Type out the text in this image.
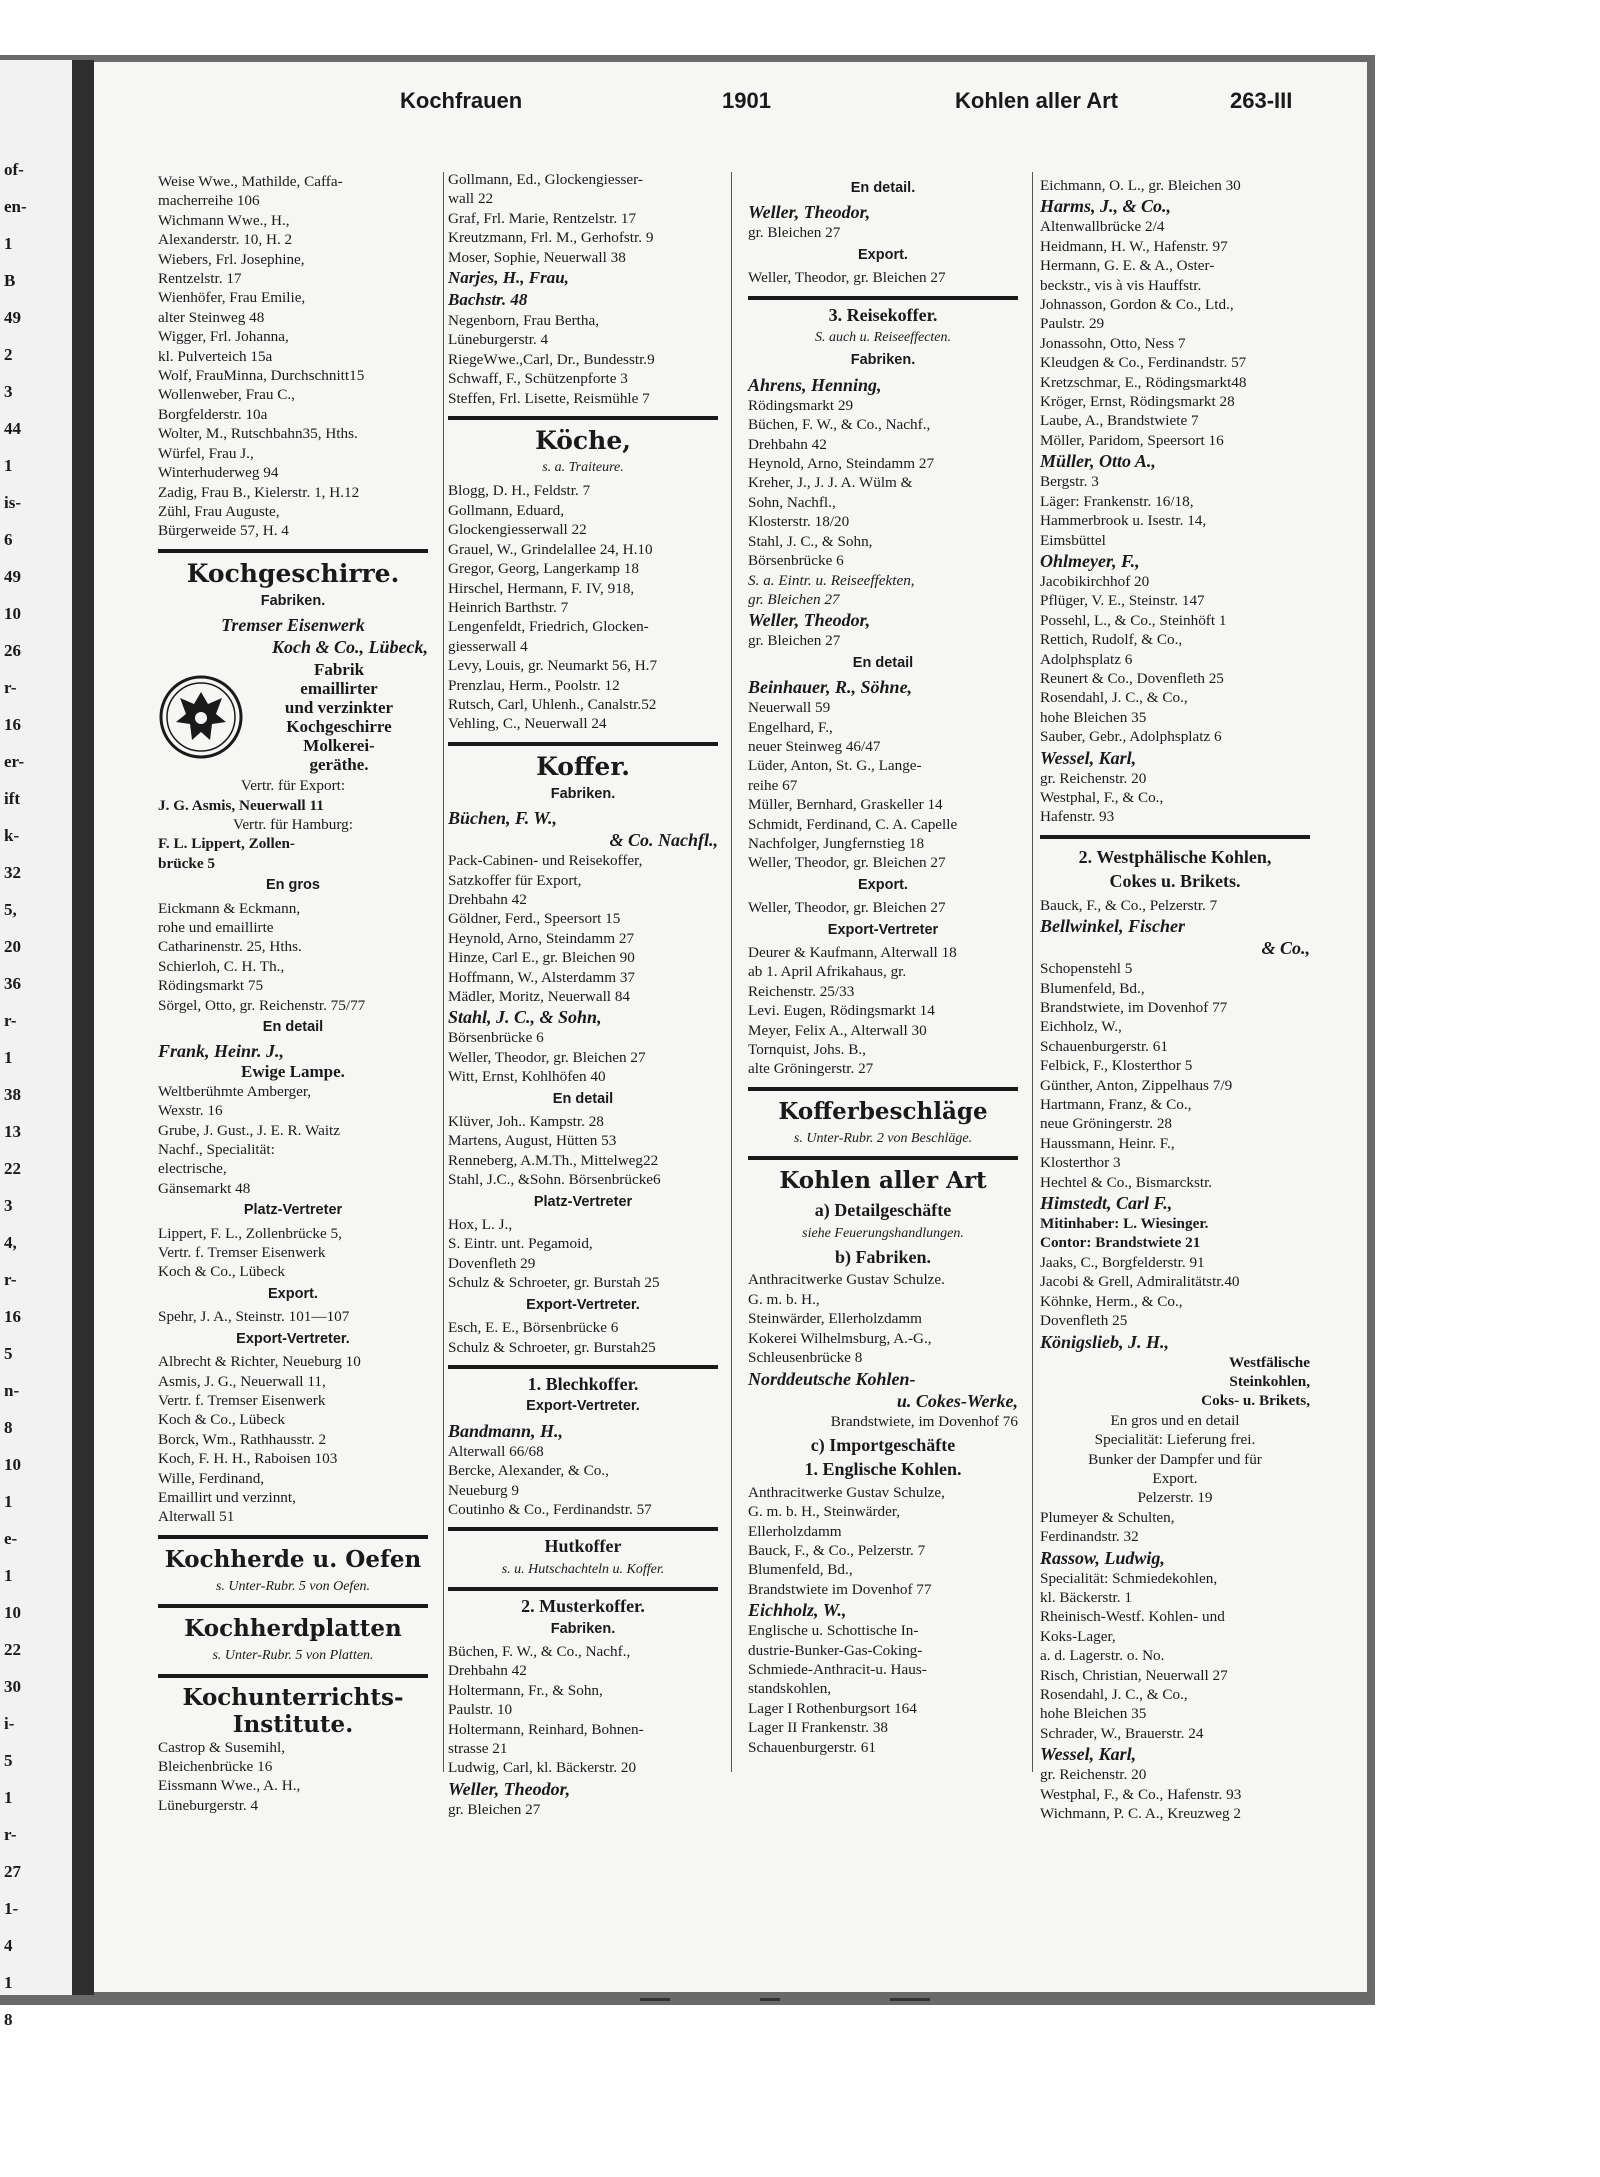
of-
en-
1
B
49
2
3
44
1
is-
6
49
10
26
r-
16
er-
ift
k-
32
5,
20
36
r-
1
38
13
22
3
4,
r-
16
5
n-
8
10
1
e-
1
10
22
30
i-
5
1
r-
27
1-
4
1
8
Kochfrauen	1901	Kohlen aller Art	263-III
Weise Wwe., Mathilde, Caffa-
macherreihe 106
Wichmann Wwe., H.,
Alexanderstr. 10, H. 2
Wiebers, Frl. Josephine,
Rentzelstr. 17
Wienhöfer, Frau Emilie,
alter Steinweg 48
Wigger, Frl. Johanna,
kl. Pulverteich 15a
Wolf, FrauMinna, Durchschnitt15
Wollenweber, Frau C.,
Borgfelderstr. 10a
Wolter, M., Rutschbahn35, Hths.
Würfel, Frau J.,
Winterhuderweg 94
Zadig, Frau B., Kielerstr. 1, H.12
Zühl, Frau Auguste,
Bürgerweide 57, H. 4
Kochgeschirre.
Fabriken.
Tremser Eisenwerk
Koch & Co., Lübeck,
Fabrik
emaillirter
und verzinkter
Kochgeschirre
Molkerei-
geräthe.
Vertr. für Export:
J. G. Asmis, Neuerwall 11
Vertr. für Hamburg:
F. L. Lippert, Zollen-
brücke 5
En gros
Eickmann & Eckmann,
rohe und emaillirte
Catharinenstr. 25, Hths.
Schierloh, C. H. Th.,
Rödingsmarkt 75
Sörgel, Otto, gr. Reichenstr. 75/77
En detail
Frank, Heinr. J.,
Ewige Lampe.
Weltberühmte Amberger,
Wexstr. 16
Grube, J. Gust., J. E. R. Waitz
Nachf., Specialität:
electrische,
Gänsemarkt 48
Platz-Vertreter
Lippert, F. L., Zollenbrücke 5,
Vertr. f. Tremser Eisenwerk
Koch & Co., Lübeck
Export.
Spehr, J. A., Steinstr. 101—107
Export-Vertreter.
Albrecht & Richter, Neueburg 10
Asmis, J. G., Neuerwall 11,
Vertr. f. Tremser Eisenwerk
Koch & Co., Lübeck
Borck, Wm., Rathhausstr. 2
Koch, F. H. H., Raboisen 103
Wille, Ferdinand,
Emaillirt und verzinnt,
Alterwall 51
Kochherde u. Oefen
s. Unter-Rubr. 5 von Oefen.
Kochherdplatten
s. Unter-Rubr. 5 von Platten.
Kochunterrichts-
Institute.
Castrop & Susemihl,
Bleichenbrücke 16
Eissmann Wwe., A. H.,
Lüneburgerstr. 4
Gollmann, Ed., Glockengiesser-
wall 22
Graf, Frl. Marie, Rentzelstr. 17
Kreutzmann, Frl. M., Gerhofstr. 9
Moser, Sophie, Neuerwall 38
Narjes, H., Frau,
Bachstr. 48
Negenborn, Frau Bertha,
Lüneburgerstr. 4
RiegeWwe.,Carl, Dr., Bundesstr.9
Schwaff, F., Schützenpforte 3
Steffen, Frl. Lisette, Reismühle 7
Köche,
s. a. Traiteure.
Blogg, D. H., Feldstr. 7
Gollmann, Eduard,
Glockengiesserwall 22
Grauel, W., Grindelallee 24, H.10
Gregor, Georg, Langerkamp 18
Hirschel, Hermann, F. IV, 918,
Heinrich Barthstr. 7
Lengenfeldt, Friedrich, Glocken-
giesserwall 4
Levy, Louis, gr. Neumarkt 56, H.7
Prenzlau, Herm., Poolstr. 12
Rutsch, Carl, Uhlenh., Canalstr.52
Vehling, C., Neuerwall 24
Koffer.
Fabriken.
Büchen, F. W.,
& Co. Nachfl.,
Pack-Cabinen- und Reisekoffer,
Satzkoffer für Export,
Drehbahn 42
Göldner, Ferd., Speersort 15
Heynold, Arno, Steindamm 27
Hinze, Carl E., gr. Bleichen 90
Hoffmann, W., Alsterdamm 37
Mädler, Moritz, Neuerwall 84
Stahl, J. C., & Sohn,
Börsenbrücke 6
Weller, Theodor, gr. Bleichen 27
Witt, Ernst, Kohlhöfen 40
En detail
Klüver, Joh.. Kampstr. 28
Martens, August, Hütten 53
Renneberg, A.M.Th., Mittelweg22
Stahl, J.C., &Sohn. Börsenbrücke6
Platz-Vertreter
Hox, L. J.,
S. Eintr. unt. Pegamoid,
Dovenfleth 29
Schulz & Schroeter, gr. Burstah 25
Export-Vertreter.
Esch, E. E., Börsenbrücke 6
Schulz & Schroeter, gr. Burstah25
1. Blechkoffer.
Export-Vertreter.
Bandmann, H.,
Alterwall 66/68
Bercke, Alexander, & Co.,
Neueburg 9
Coutinho & Co., Ferdinandstr. 57
Hutkoffer
s. u. Hutschachteln u. Koffer.
2. Musterkoffer.
Fabriken.
Büchen, F. W., & Co., Nachf.,
Drehbahn 42
Holtermann, Fr., & Sohn,
Paulstr. 10
Holtermann, Reinhard, Bohnen-
strasse 21
Ludwig, Carl, kl. Bäckerstr. 20
Weller, Theodor,
gr. Bleichen 27
En detail.
Weller, Theodor,
gr. Bleichen 27
Export.
Weller, Theodor, gr. Bleichen 27
3. Reisekoffer.
S. auch u. Reiseeffecten.
Fabriken.
Ahrens, Henning,
Rödingsmarkt 29
Büchen, F. W., & Co., Nachf.,
Drehbahn 42
Heynold, Arno, Steindamm 27
Kreher, J., J. J. A. Wülm &
Sohn, Nachfl.,
Klosterstr. 18/20
Stahl, J. C., & Sohn,
Börsenbrücke 6
S. a. Eintr. u. Reiseeffekten,
gr. Bleichen 27
Weller, Theodor,
gr. Bleichen 27
En detail
Beinhauer, R., Söhne,
Neuerwall 59
Engelhard, F.,
neuer Steinweg 46/47
Lüder, Anton, St. G., Lange-
reihe 67
Müller, Bernhard, Graskeller 14
Schmidt, Ferdinand, C. A. Capelle
Nachfolger, Jungfernstieg 18
Weller, Theodor, gr. Bleichen 27
Export.
Weller, Theodor, gr. Bleichen 27
Export-Vertreter
Deurer & Kaufmann, Alterwall 18
ab 1. April Afrikahaus, gr.
Reichenstr. 25/33
Levi. Eugen, Rödingsmarkt 14
Meyer, Felix A., Alterwall 30
Tornquist, Johs. B.,
alte Gröningerstr. 27
Kofferbeschläge
s. Unter-Rubr. 2 von Beschläge.
Kohlen aller Art
a) Detailgeschäfte
siehe Feuerungshandlungen.
b) Fabriken.
Anthracitwerke Gustav Schulze.
G. m. b. H.,
Steinwärder, Ellerholzdamm
Kokerei Wilhelmsburg, A.-G.,
Schleusenbrücke 8
Norddeutsche Kohlen-
u. Cokes-Werke,
Brandstwiete, im Dovenhof 76
c) Importgeschäfte
1. Englische Kohlen.
Anthracitwerke Gustav Schulze,
G. m. b. H., Steinwärder,
Ellerholzdamm
Bauck, F., & Co., Pelzerstr. 7
Blumenfeld, Bd.,
Brandstwiete im Dovenhof 77
Eichholz, W.,
Englische u. Schottische In-
dustrie-Bunker-Gas-Coking-
Schmiede-Anthracit-u. Haus-
standskohlen,
Lager I Rothenburgsort 164
Lager II Frankenstr. 38
Schauenburgerstr. 61
Eichmann, O. L., gr. Bleichen 30
Harms, J., & Co.,
Altenwallbrücke 2/4
Heidmann, H. W., Hafenstr. 97
Hermann, G. E. & A., Oster-
beckstr., vis à vis Hauffstr.
Johnasson, Gordon & Co., Ltd.,
Paulstr. 29
Jonassohn, Otto, Ness 7
Kleudgen & Co., Ferdinandstr. 57
Kretzschmar, E., Rödingsmarkt48
Kröger, Ernst, Rödingsmarkt 28
Laube, A., Brandstwiete 7
Möller, Paridom, Speersort 16
Müller, Otto A.,
Bergstr. 3
Läger: Frankenstr. 16/18,
Hammerbrook u. Isestr. 14,
Eimsbüttel
Ohlmeyer, F.,
Jacobikirchhof 20
Pflüger, V. E., Steinstr. 147
Possehl, L., & Co., Steinhöft 1
Rettich, Rudolf, & Co.,
Adolphsplatz 6
Reunert & Co., Dovenfleth 25
Rosendahl, J. C., & Co.,
hohe Bleichen 35
Sauber, Gebr., Adolphsplatz 6
Wessel, Karl,
gr. Reichenstr. 20
Westphal, F., & Co.,
Hafenstr. 93
2. Westphälische Kohlen,
Cokes u. Brikets.
Bauck, F., & Co., Pelzerstr. 7
Bellwinkel, Fischer
& Co.,
Schopenstehl 5
Blumenfeld, Bd.,
Brandstwiete, im Dovenhof 77
Eichholz, W.,
Schauenburgerstr. 61
Felbick, F., Klosterthor 5
Günther, Anton, Zippelhaus 7/9
Hartmann, Franz, & Co.,
neue Gröningerstr. 28
Haussmann, Heinr. F.,
Klosterthor 3
Hechtel & Co., Bismarckstr.
Himstedt, Carl F.,
Mitinhaber: L. Wiesinger.
Contor: Brandstwiete 21
Jaaks, C., Borgfelderstr. 91
Jacobi & Grell, Admiralitätstr.40
Köhnke, Herm., & Co.,
Dovenfleth 25
Königslieb, J. H.,
Westfälische
Steinkohlen,
Coks- u. Brikets,
En gros und en detail
Specialität: Lieferung frei.
Bunker der Dampfer und für
Export.
Pelzerstr. 19
Plumeyer & Schulten,
Ferdinandstr. 32
Rassow, Ludwig,
Specialität: Schmiedekohlen,
kl. Bäckerstr. 1
Rheinisch-Westf. Kohlen- und
Koks-Lager,
a. d. Lagerstr. o. No.
Risch, Christian, Neuerwall 27
Rosendahl, J. C., & Co.,
hohe Bleichen 35
Schrader, W., Brauerstr. 24
Wessel, Karl,
gr. Reichenstr. 20
Westphal, F., & Co., Hafenstr. 93
Wichmann, P. C. A., Kreuzweg 2
